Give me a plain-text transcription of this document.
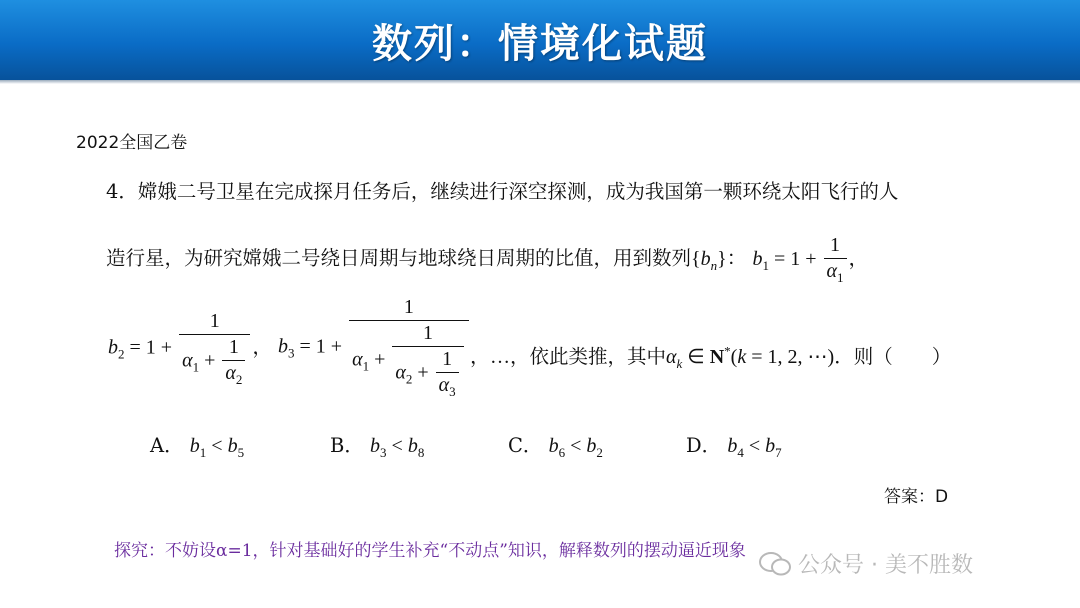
数列：情境化试题
2022全国乙卷
4．嫦娥二号卫星在完成探月任务后，继续进行深空探测，成为我国第一颗环绕太阳飞行的人
造行星，为研究嫦娥二号绕日周期与地球绕日周期的比值，用到数列$\{b_n\}$： $b_1 = 1 + \frac{1}{\alpha_1}$ ，
$b_2 = 1 + \frac{1}{\alpha_1 + \frac{1}{\alpha_2}}$ ， $b_3 = 1 + \frac{1}{\alpha_1 + \frac{1}{\alpha_2 + \frac{1}{\alpha_3}}}$ ，…，依此类推，其中$\alpha_k$ ∈ N*(k = 1, 2, ⋯)．则（　　）
A． $b_1 < b_5$	B． $b_3 < b_8$	C． $b_6 < b_2$	D． $b_4 < b_7$
答案：D
探究：不妨设α=1，针对基础好的学生补充“不动点”知识，解释数列的摆动逼近现象
公众号 · 美不胜数
